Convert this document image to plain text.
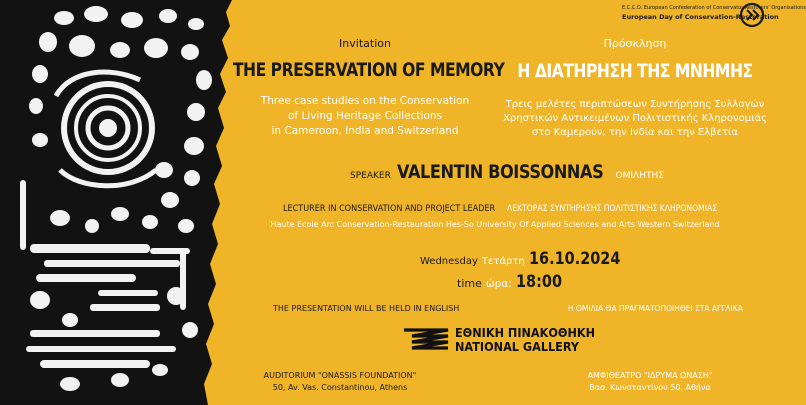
E.C.C.O. European Confederation of Conservator-Restorers' Organisations
European Day of Conservation-Restoration
Invitation
THE PRESERVATION OF MEMORY
Three case studies on the Conservation
of Living Heritage Collections
in Cameroon, India and Switzerland
Πρόσκληση
Η ΔΙΑΤΗΡΗΣΗ ΤΗΣ ΜΝΗΜΗΣ
Τρεις μελέτες περιπτώσεων Συντήρησης Συλλογών
Χρηστικών Αντικειμένων Πολιτιστικής Κληρονομιάς
στο Καμερούν, την Ινδία και την Ελβετία
SPEAKER VALENTIN BOISSONNAS ΟΜΙΛΗΤΗΣ
LECTURER IN CONSERVATION AND PROJECT LEADER ΛΕΚΤΟΡΑΣ ΣΥΝΤΗΡΗΣΗΣ ΠΟΛΙΤΙΣΤΙΚΗΣ ΚΛΗΡΟΝΟΜΙΑΣ
Haute Ecole Arc Conservation-Restauration Hes-So University Of Applied Sciences and Arts Western Switzerland
Wednesday Τετάρτη 16.10.2024
time ώρα: 18:00
THE PRESENTATION WILL BE HELD IN ENGLISH	Η ΟΜΙΛΙΑ ΘΑ ΠΡΑΓΜΑΤΟΠΟΙΗΘΕΙ ΣΤΑ ΑΓΓΛΙΚΑ
ΕΘΝΙΚΗ ΠΙΝΑΚΟΘΗΚΗ
NATIONAL GALLERY
AUDITORIUM "ONASSIS FOUNDATION"
50, Av. Vas. Constantinou, Athens
ΑΜΦΙΘΕΑΤΡΟ "ΙΔΡΥΜΑ ΩΝΑΣΗ"
Βασ. Κωνσταντίνου 50, Αθήνα
